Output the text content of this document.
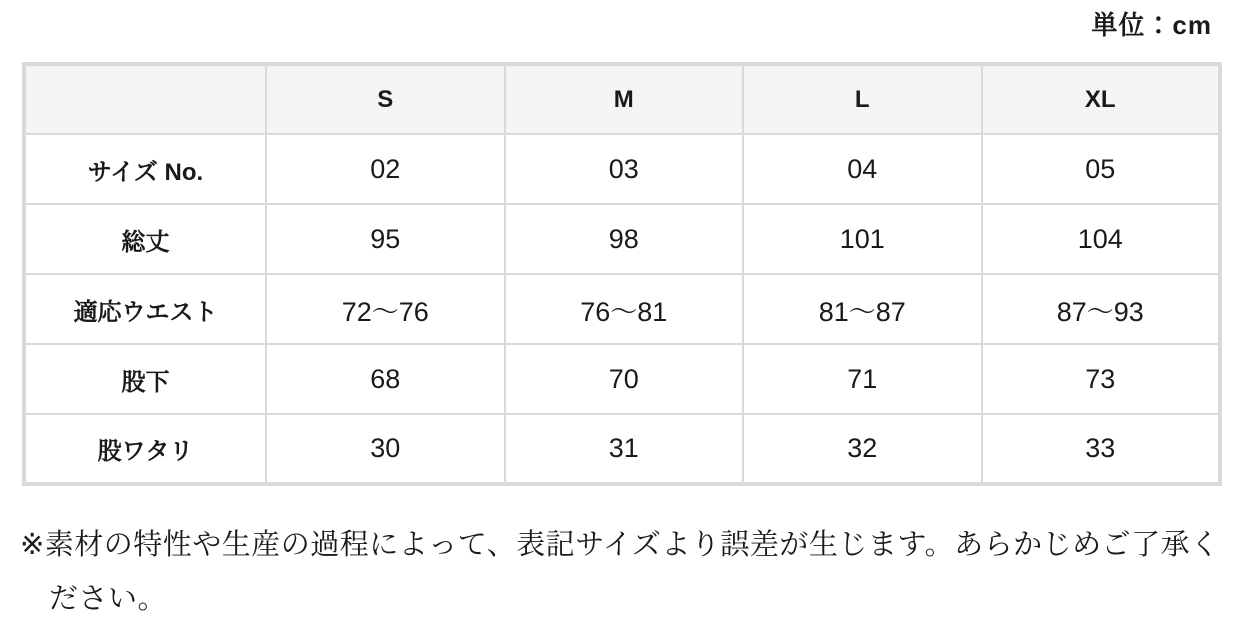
単位：cm
	S	M	L	XL
サイズ No.	02	03	04	05
総丈	95	98	101	104
適応ウエスト	72〜76	76〜81	81〜87	87〜93
股下	68	70	71	73
股ワタリ	30	31	32	33

※素材の特性や生産の過程によって、表記サイズより誤差が生じます。あらかじめご了承ください。
